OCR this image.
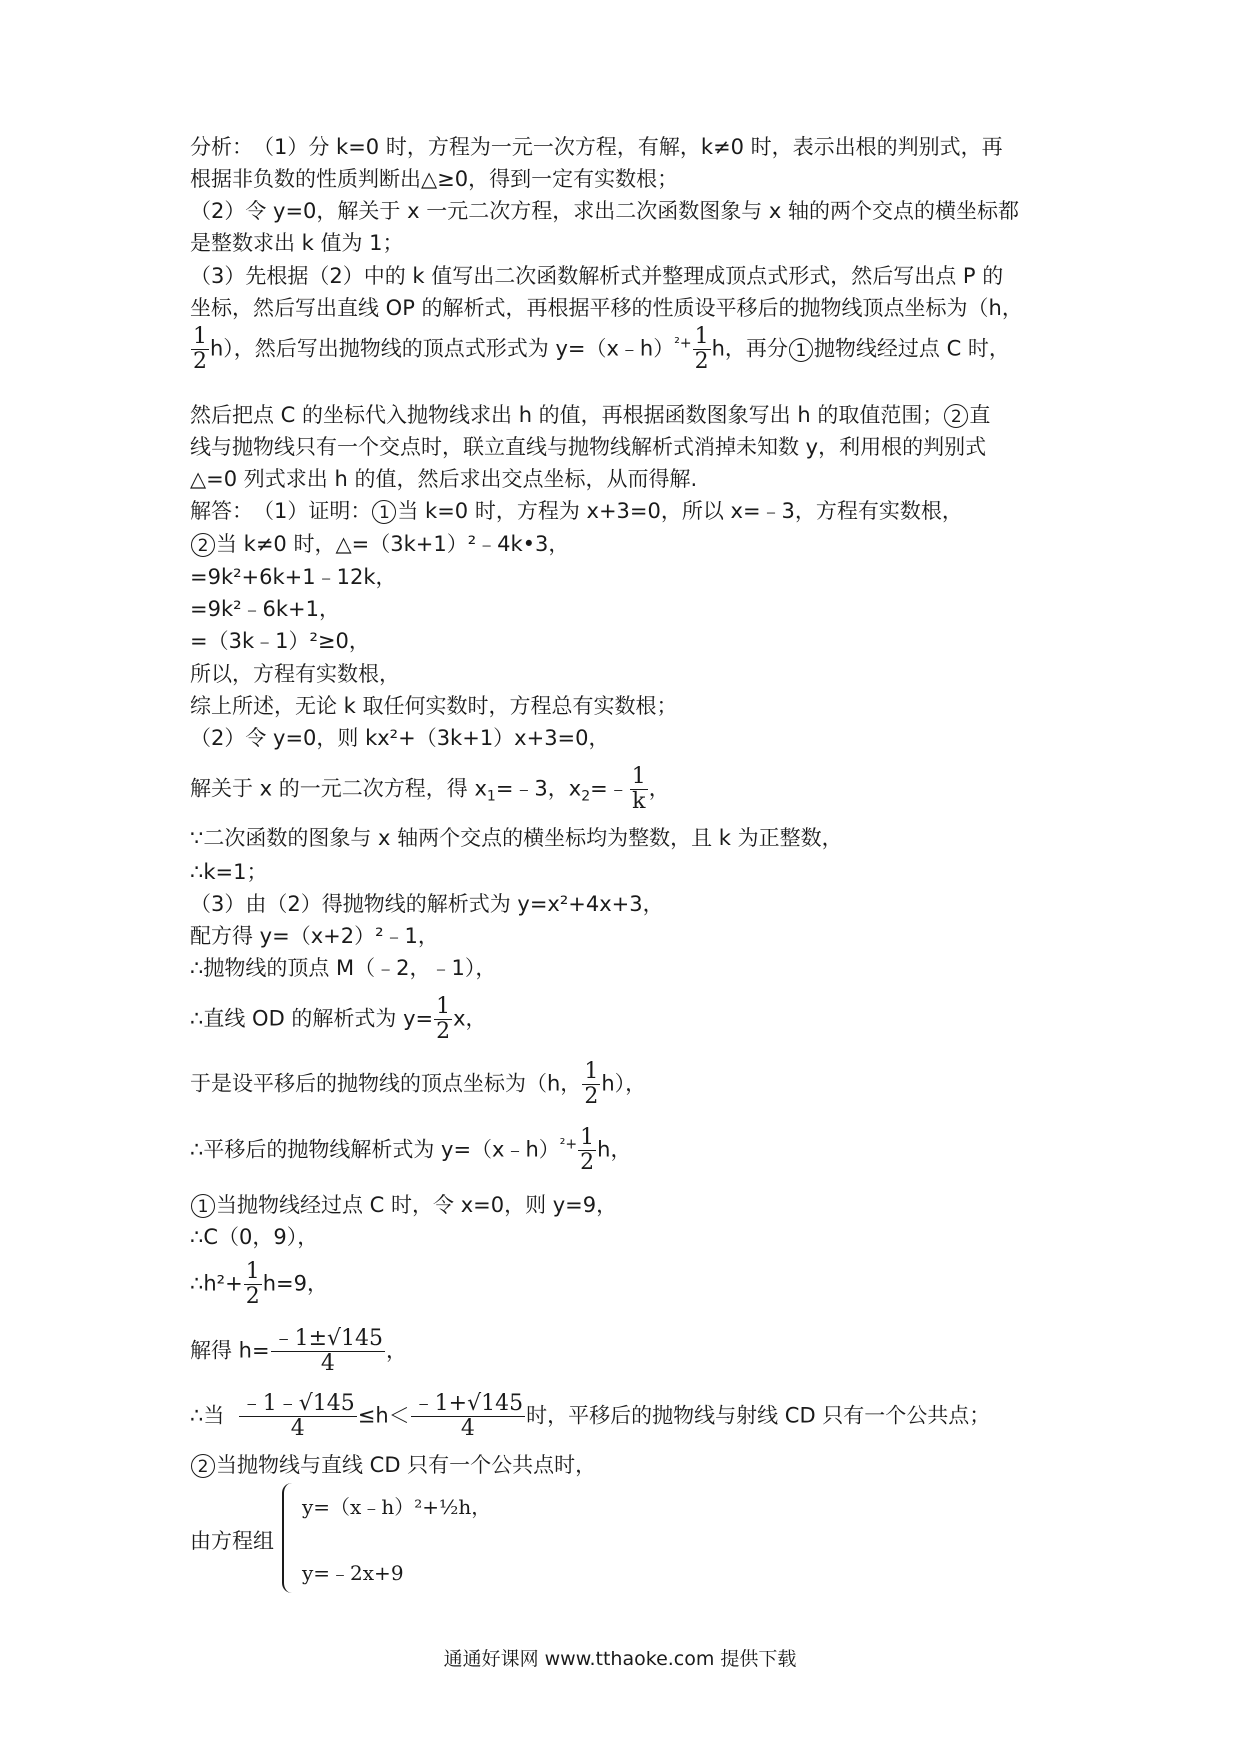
分析：　（1）分 k=0 时，方程为一元一次方程，有解，k≠0 时，表示出根的判别式，再
根据非负数的性质判断出△≥0，得到一定有实数根；
（2）令 y=0，解关于 x 一元二次方程，求出二次函数图象与 x 轴的两个交点的横坐标都
是整数求出 k 值为 1；
（3）先根据（2）中的 k 值写出二次函数解析式并整理成顶点式形式，然后写出点 P 的
坐标，然后写出直线 OP 的解析式，再根据平移的性质设平移后的抛物线顶点坐标为（h，
$\frac{1}{2} h$），然后写出抛物线的顶点式形式为 y=（x﹣h）$^{^2+}$ $\frac{1}{2}$ h，再分 1 抛物线经过点 C 时，
然后把点 C 的坐标代入抛物线求出 h 的值，再根据函数图象写出 h 的取值范围； 2 直
线与抛物线只有一个交点时，联立直线与抛物线解析式消掉未知数 y，利用根的判别式
△=0 列式求出 h 的值，然后求出交点坐标，从而得解.
解答：　（1）证明： 1 当 k=0 时，方程为 x+3=0，所以 x=﹣3，方程有实数根，
2 当 k≠0 时，△=（3k+1）²﹣4k•3，
=9k²+6k+1﹣12k，
=9k²﹣6k+1，
=（3k﹣1）²≥0，
所以，方程有实数根，
综上所述，无论 k 取任何实数时，方程总有实数根；
（2）令 y=0，则 kx²+（3k+1）x+3=0，
解关于 x 的一元二次方程，得 $x_1=﹣3$，$x_2=﹣ \frac{1}{k}$ ，
∵二次函数的图象与 x 轴两个交点的横坐标均为整数，且 k 为正整数，
∴k=1；
（3）由（2）得抛物线的解析式为 y=x²+4x+3，
配方得 y=（x+2）²﹣1，
∴抛物线的顶点 M（﹣2，﹣1），
∴直线 OD 的解析式为 $y= \frac{1}{2}$ x，
于是设平移后的抛物线的顶点坐标为（h， $\frac{1}{2} h$），
∴平移后的抛物线解析式为 y=（x﹣h）$^{^2+}$ $\frac{1}{2}$ h，
1 当抛物线经过点 C 时，令 x=0，则 y=9，
∴C（0，9），
∴h²+ $\frac{1}{2} h=9$，
解得 $h= \frac{﹣1\pm√145}{4}$ ，
∴当 $\frac{﹣1﹣√145}{4} \le h< \frac{﹣1+√145}{4}$ 时，平移后的抛物线与射线 CD 只有一个公共点；
2 当抛物线与直线 CD 只有一个公共点时，
由方程组
y=（x﹣h）²+½h，
y=﹣2x+9
通通好课网 www.tthaoke.com 提供下载
